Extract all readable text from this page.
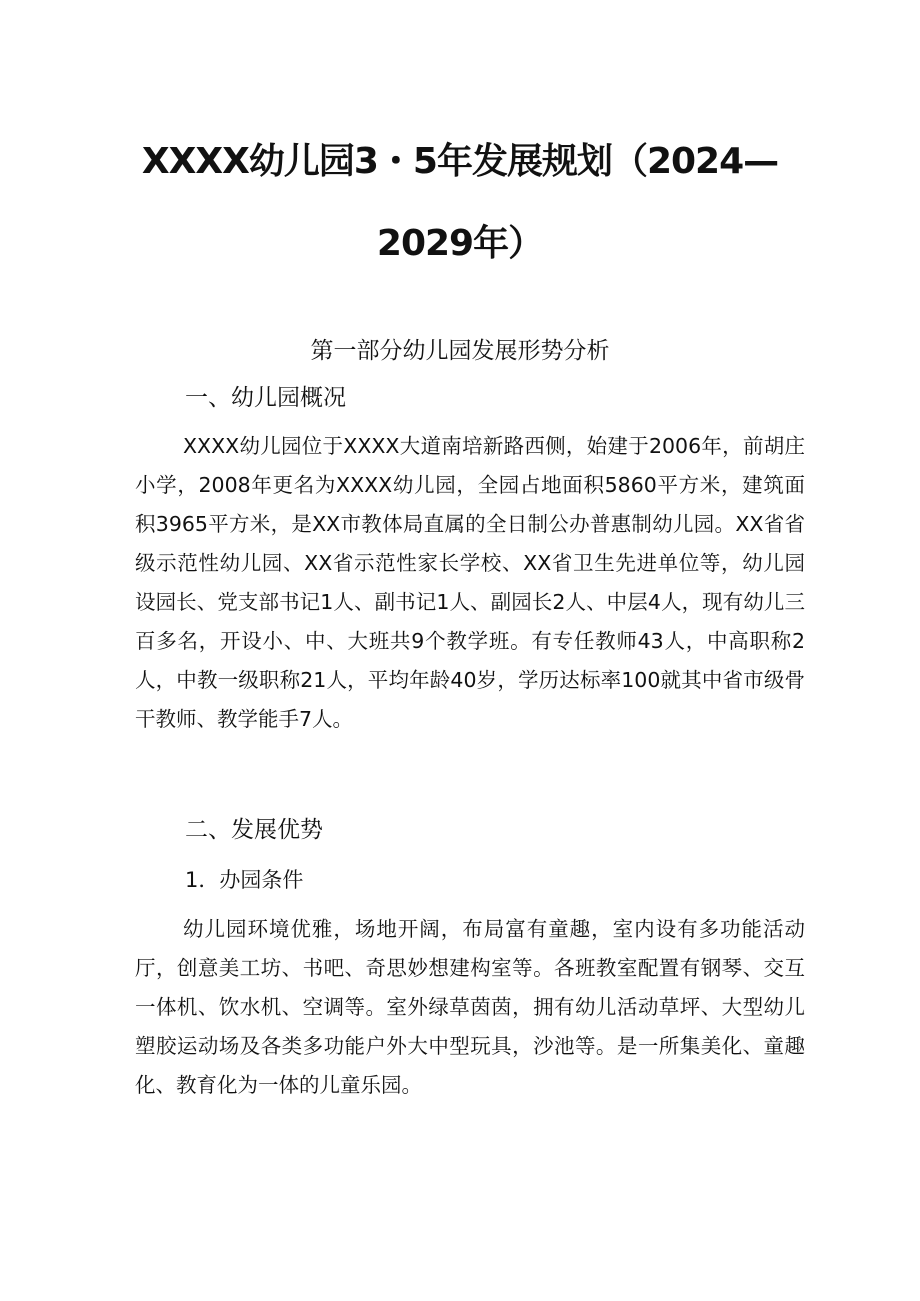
XXXX幼儿园3・5年发展规划（2024—
2029年）
第一部分幼儿园发展形势分析
一、幼儿园概况

XXXX幼儿园位于XXXX大道南培新路西侧，始建于2006年，前胡庄小学，2008年更名为XXXX幼儿园，全园占地面积5860平方米，建筑面积3965平方米，是XX市教体局直属的全日制公办普惠制幼儿园。XX省省级示范性幼儿园、XX省示范性家长学校、XX省卫生先进单位等，幼儿园设园长、党支部书记1人、副书记1人、副园长2人、中层4人，现有幼儿三百多名，开设小、中、大班共9个教学班。有专任教师43人，中高职称2人，中教一级职称21人，平均年龄40岁，学历达标率100就其中省市级骨干教师、教学能手7人。

二、发展优势
1．办园条件

幼儿园环境优雅，场地开阔，布局富有童趣，室内设有多功能活动厅，创意美工坊、书吧、奇思妙想建构室等。各班教室配置有钢琴、交互一体机、饮水机、空调等。室外绿草茵茵，拥有幼儿活动草坪、大型幼儿塑胶运动场及各类多功能户外大中型玩具，沙池等。是一所集美化、童趣化、教育化为一体的儿童乐园。
